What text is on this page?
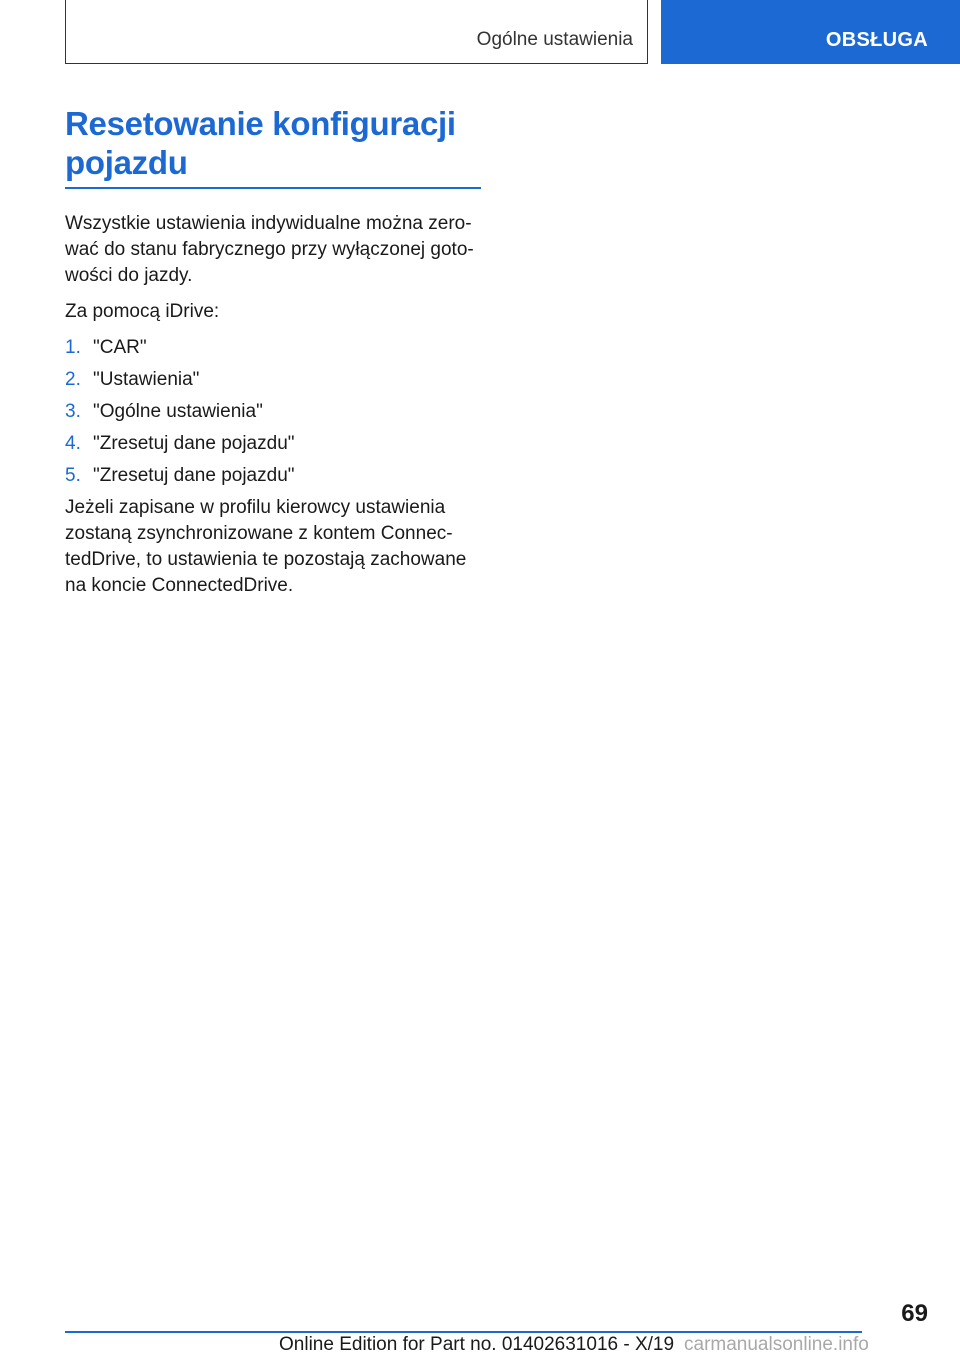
Ogólne ustawienia	OBSŁUGA
Resetowanie konfiguracji pojazdu

Wszystkie ustawienia indywidualne można zerować do stanu fabrycznego przy wyłączonej gotowości do jazdy.

Za pomocą iDrive:

1. "CAR"
2. "Ustawienia"
3. "Ogólne ustawienia"
4. "Zresetuj dane pojazdu"
5. "Zresetuj dane pojazdu"

Jeżeli zapisane w profilu kierowcy ustawienia zostaną zsynchronizowane z kontem ConnectedDrive, to ustawienia te pozostają zachowane na koncie ConnectedDrive.

69
Online Edition for Part no. 01402631016 - X/19 carmanualsonline.info
